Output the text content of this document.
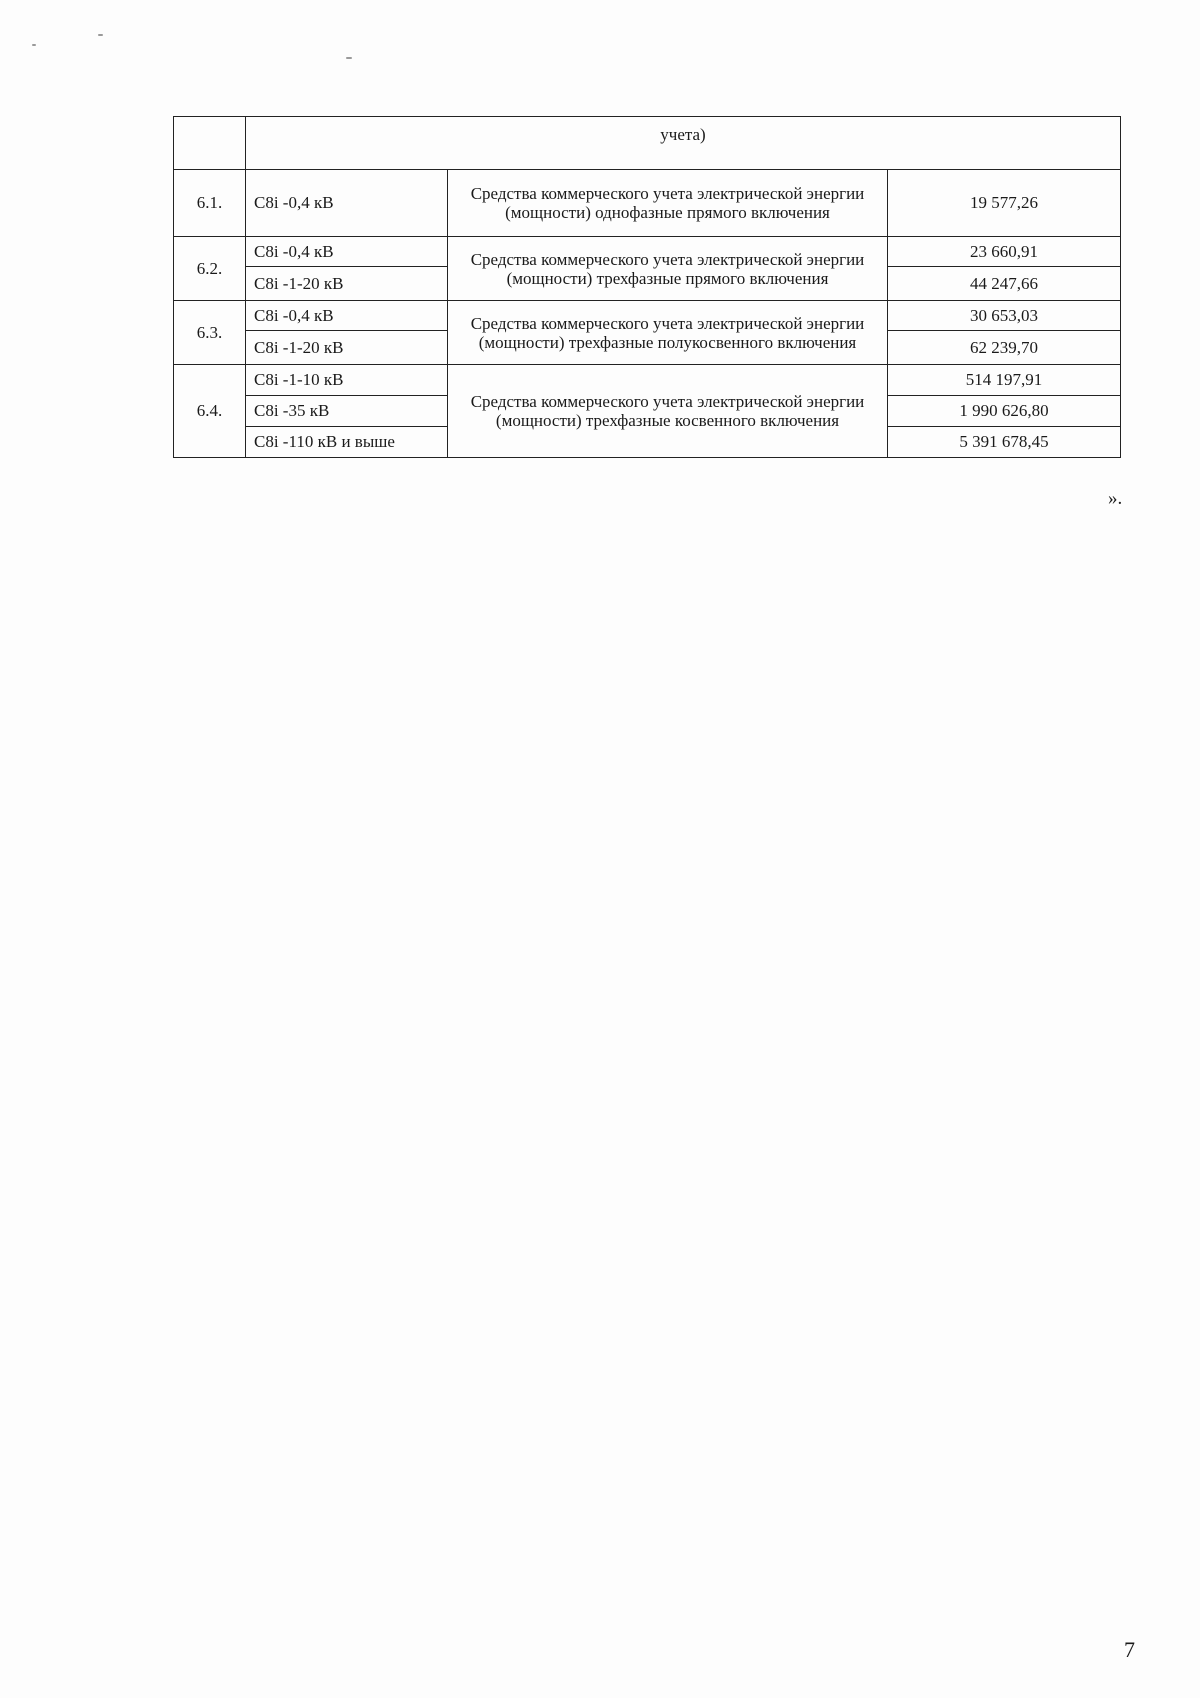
	учета)		
6.1.	С8i -0,4 кВ	Средства коммерческого учета электрической энергии (мощности) однофазные прямого включения	19 577,26
6.2.	С8i -0,4 кВ	Средства коммерческого учета электрической энергии (мощности) трехфазные прямого включения	23 660,91
	С8i -1-20 кВ		44 247,66
6.3.	С8i -0,4 кВ	Средства коммерческого учета электрической энергии (мощности) трехфазные полукосвенного включения	30 653,03
	С8i -1-20 кВ		62 239,70
6.4.	С8i -1-10 кВ	Средства коммерческого учета электрической энергии (мощности) трехфазные косвенного включения	514 197,91
	С8i -35 кВ		1 990 626,80
	С8i -110 кВ и выше		5 391 678,45
».
7
